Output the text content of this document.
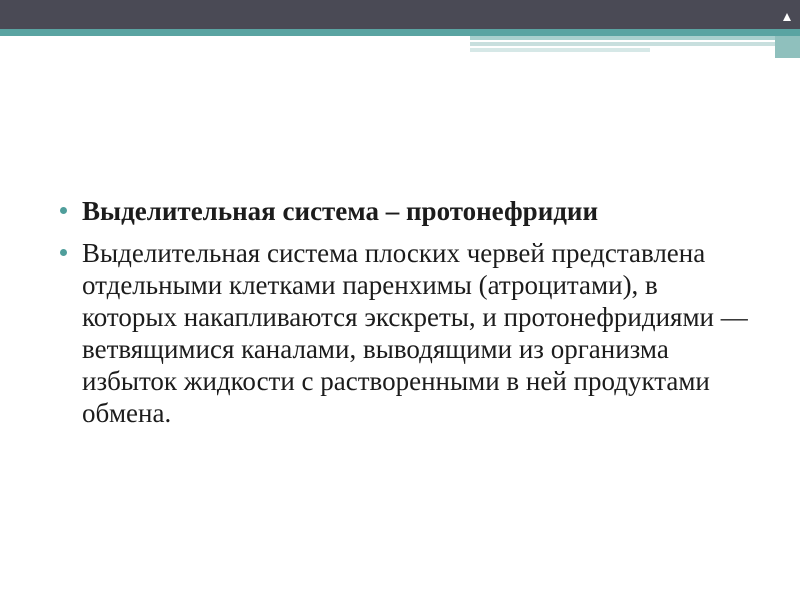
Выделительная система – протонефридии
Выделительная система плоских червей представлена отдельными клетками паренхимы (атроцитами), в которых накапливаются экскреты, и протонефридиями — ветвящимися каналами, выводящими из организма избыток жидкости с растворенными в ней продуктами обмена.
